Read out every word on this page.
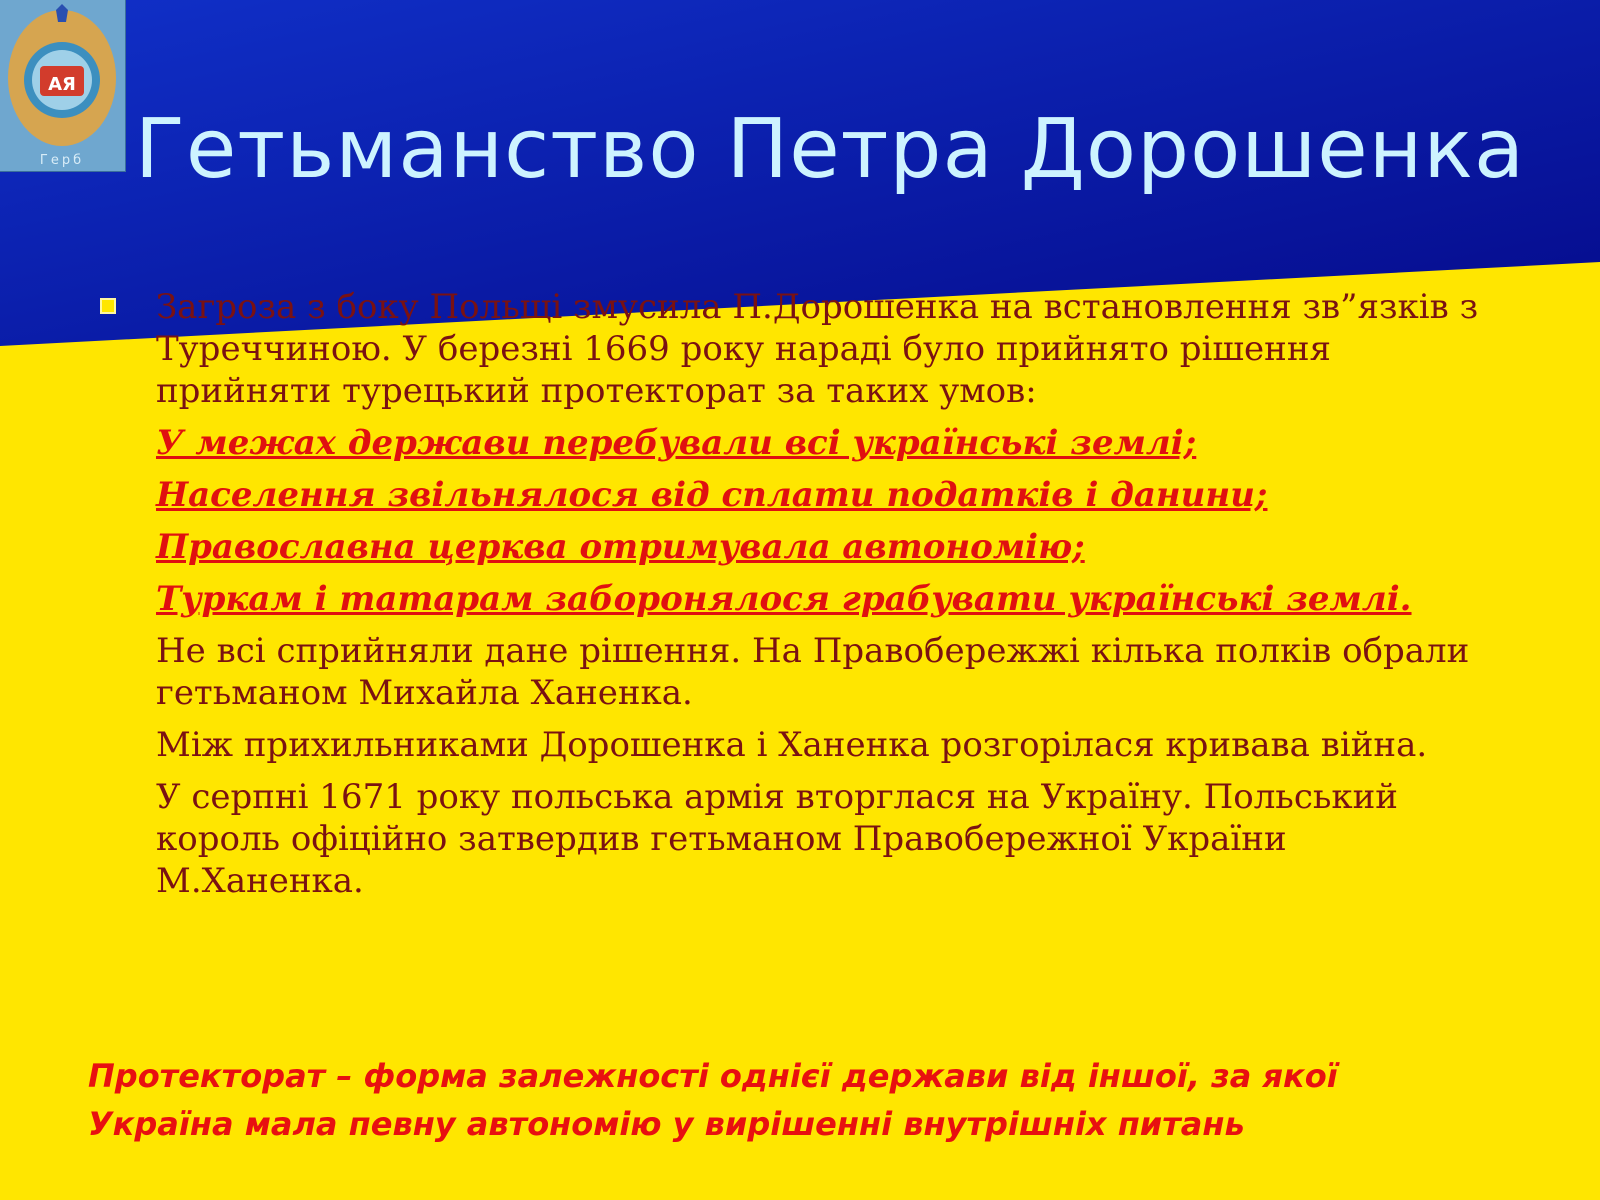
АЯ
Герб Гетьманство Петра Дорошенка
Загроза з боку Польщі змусила П.Дорошенка на встановлення зв”язків з Туреччиною. У березні 1669 року нараді було прийнято рішення прийняти турецький протекторат за таких умов:
У межах держави перебували всі українські землі;
Населення звільнялося від сплати податків і данини;
Православна церква отримувала автономію;
Туркам і татарам заборонялося грабувати українські землі.
Не всі сприйняли дане рішення. На Правобережжі кілька полків обрали гетьманом Михайла Ханенка.
Між прихильниками Дорошенка і Ханенка розгорілася кривава війна.
У серпні 1671 року польська армія вторглася на Україну. Польський король офіційно затвердив гетьманом Правобережної України М.Ханенка.
Протекторат – форма залежності однієї держави від іншої, за якої
Україна мала певну автономію у вирішенні внутрішніх питань
